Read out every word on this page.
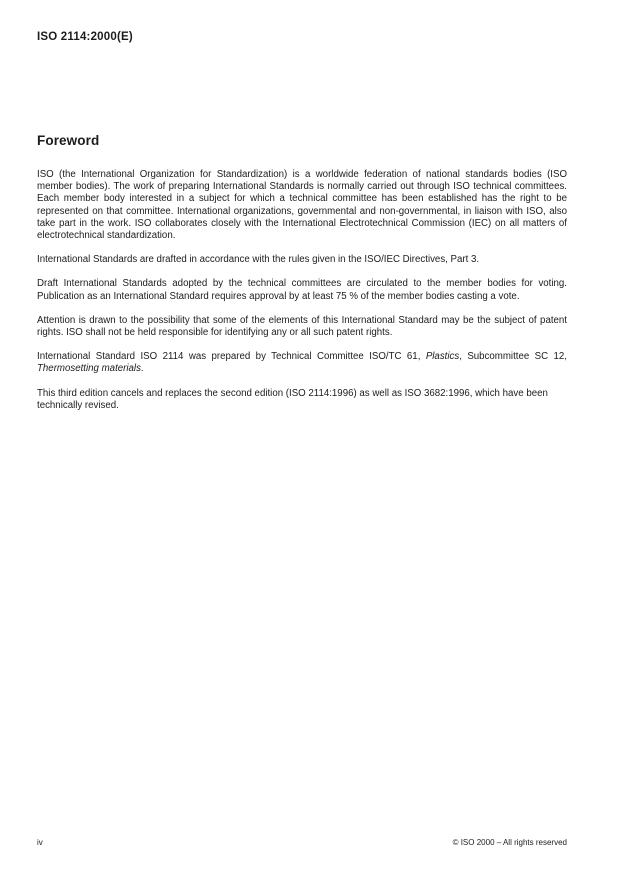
ISO 2114:2000(E)
Foreword

ISO (the International Organization for Standardization) is a worldwide federation of national standards bodies (ISO member bodies). The work of preparing International Standards is normally carried out through ISO technical committees. Each member body interested in a subject for which a technical committee has been established has the right to be represented on that committee. International organizations, governmental and non-governmental, in liaison with ISO, also take part in the work. ISO collaborates closely with the International Electrotechnical Commission (IEC) on all matters of electrotechnical standardization.

International Standards are drafted in accordance with the rules given in the ISO/IEC Directives, Part 3.

Draft International Standards adopted by the technical committees are circulated to the member bodies for voting. Publication as an International Standard requires approval by at least 75 % of the member bodies casting a vote.

Attention is drawn to the possibility that some of the elements of this International Standard may be the subject of patent rights. ISO shall not be held responsible for identifying any or all such patent rights.

International Standard ISO 2114 was prepared by Technical Committee ISO/TC 61, Plastics, Subcommittee SC 12, Thermosetting materials.

This third edition cancels and replaces the second edition (ISO 2114:1996) as well as ISO 3682:1996, which have been technically revised.

iv	© ISO 2000 – All rights reserved
